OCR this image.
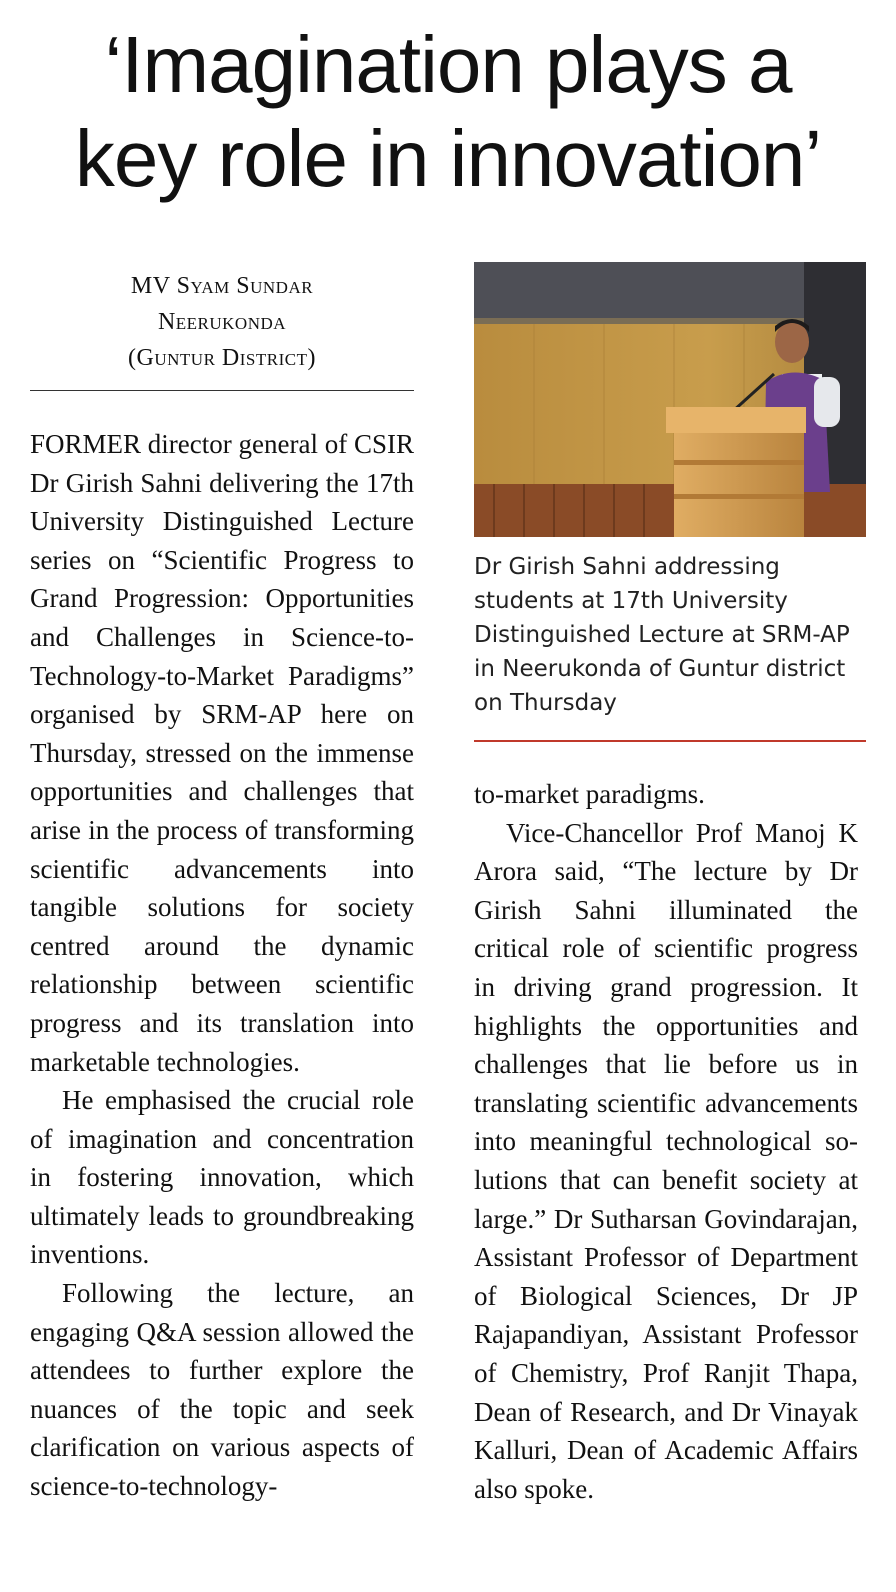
‘Imagination plays a
key role in innovation’
MV Syam Sundar
Neerukonda
(Guntur District)

FORMER director general of CSIR Dr Girish Sahni delivering the 17th University Distinguished Lecture series on “Scientific Progress to Grand Progression: Opportunities and Challenges in Science-to-Technology-to-Market Paradigms” organised by SRM-AP here on Thursday, stressed on the immense opportunities and challenges that arise in the process of transforming scientific advancements into tangible solutions for society centred around the dynamic relationship between scientific progress and its translation into marketable technologies.

He emphasised the crucial role of imagination and concentration in fostering innovation, which ultimately leads to groundbreaking inventions.

Following the lecture, an engaging Q&A session allowed the attendees to further explore the nuances of the topic and seek clarification on various aspects of science-to-technology-

Dr Girish Sahni addressing students at 17th University Distinguished Lecture at SRM-AP in Neerukonda of Guntur district on Thursday

to-market paradigms.

Vice-Chancellor Prof Manoj K Arora said, “The lecture by Dr Girish Sahni illuminated the critical role of scientific progress in driving grand progression. It highlights the opportunities and challenges that lie before us in translating scientific advancements into meaningful technological solutions that can benefit society at large.” Dr Sutharsan Govindarajan, Assistant Professor of Department of Biological Sciences, Dr JP Rajapandiyan, Assistant Professor of Chemistry, Prof Ranjit Thapa, Dean of Research, and Dr Vinayak Kalluri, Dean of Academic Affairs also spoke.
